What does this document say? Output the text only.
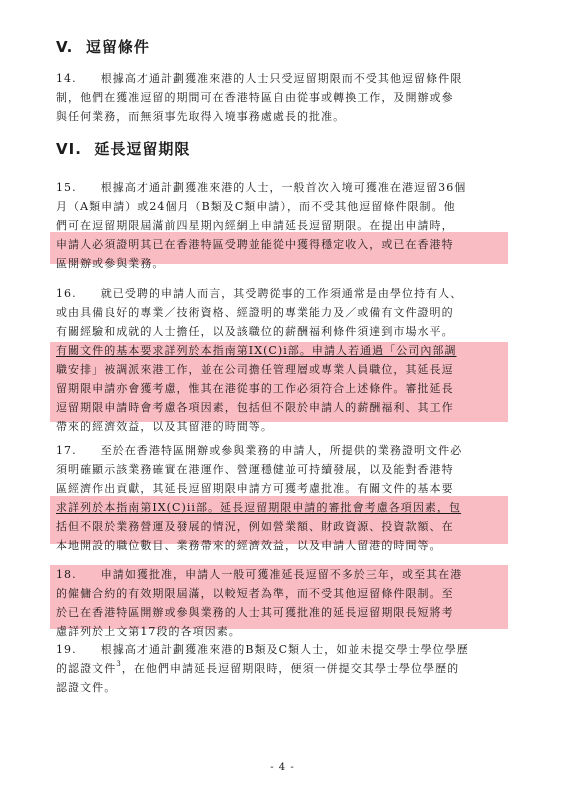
V. 逗留條件
14.　　根據高才通計劃獲准來港的人士只受逗留期限而不受其他逗留條件限
制，他們在獲准逗留的期間可在香港特區自由從事或轉換工作，及開辦或參
與任何業務，而無須事先取得入境事務處處長的批准。
VI. 延長逗留期限
15.　　根據高才通計劃獲准來港的人士，一般首次入境可獲准在港逗留36個
月（A類申請）或24個月（B類及C類申請），而不受其他逗留條件限制。他
們可在逗留期限屆滿前四星期內經網上申請延長逗留期限。在提出申請時，
申請人必須證明其已在香港特區受聘並能從中獲得穩定收入，或已在香港特
區開辦或參與業務。
16.　　就已受聘的申請人而言，其受聘從事的工作須通常是由學位持有人、
或由具備良好的專業／技術資格、經證明的專業能力及／或備有文件證明的
有關經驗和成就的人士擔任，以及該職位的薪酬福利條件須達到市場水平。
有關文件的基本要求詳列於本指南第IX(C)i部。申請人若通過「公司內部調
職安排」被調派來港工作，並在公司擔任管理層或專業人員職位，其延長逗
留期限申請亦會獲考慮，惟其在港從事的工作必須符合上述條件。審批延長
逗留期限申請時會考慮各項因素，包括但不限於申請人的薪酬福利、其工作
帶來的經濟效益，以及其留港的時間等。
17.　　至於在香港特區開辦或參與業務的申請人，所提供的業務證明文件必
須明確顯示該業務確實在港運作、營運穩健並可持續發展，以及能對香港特
區經濟作出貢獻，其延長逗留期限申請方可獲考慮批准。有關文件的基本要
求詳列於本指南第IX(C)ii部。延長逗留期限申請的審批會考慮各項因素，包
括但不限於業務營運及發展的情況，例如營業額、財政資源、投資款額、在
本地開設的職位數目、業務帶來的經濟效益，以及申請人留港的時間等。
18.　　申請如獲批准，申請人一般可獲准延長逗留不多於三年，或至其在港
的僱傭合約的有效期限屆滿，以較短者為準，而不受其他逗留條件限制。至
於已在香港特區開辦或參與業務的人士其可獲批准的延長逗留期限長短將考
慮詳列於上文第17段的各項因素。
19.　　根據高才通計劃獲准來港的B類及C類人士，如並未提交學士學位學歷
的認證文件$^3$，在他們申請延長逗留期限時，便須一併提交其學士學位學歷的
認證文件。
- 4 -
